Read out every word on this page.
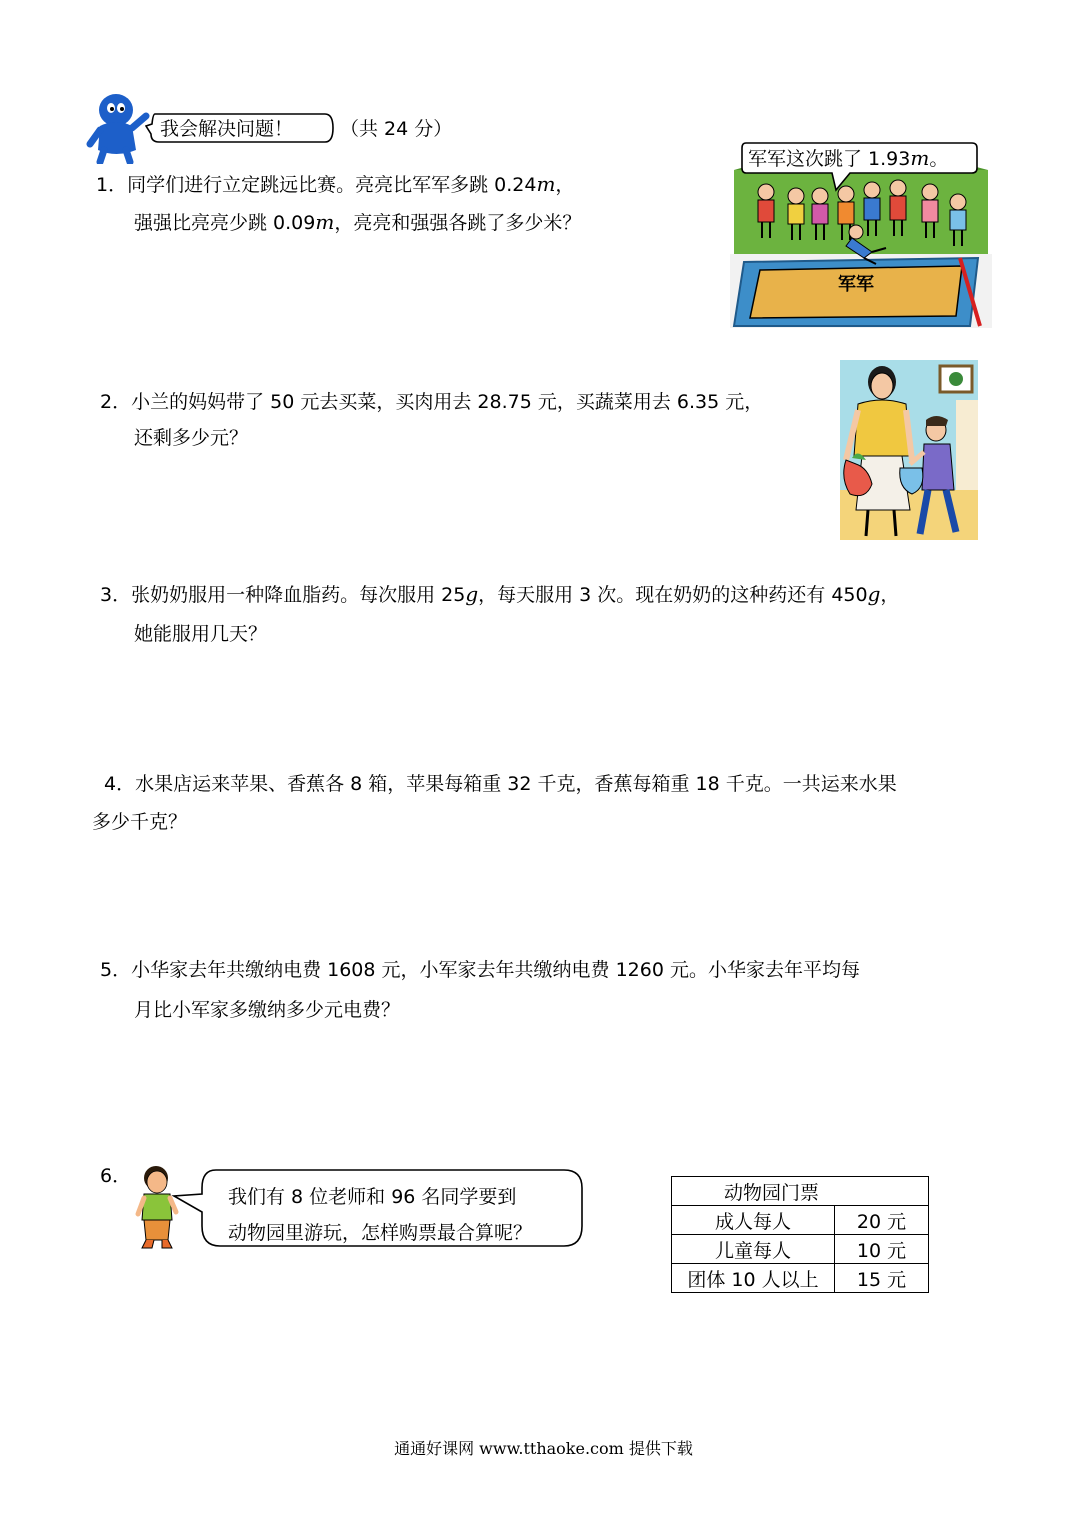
我会解决问题！ （共 24 分）
1．同学们进行立定跳远比赛。亮亮比军军多跳 0.24m，
强强比亮亮少跳 0.09m，亮亮和强强各跳了多少米？
军军这次跳了 1.93m。
军军
2．小兰的妈妈带了 50 元去买菜，买肉用去 28.75 元，买蔬菜用去 6.35 元，
还剩多少元？
3．张奶奶服用一种降血脂药。每次服用 25g，每天服用 3 次。现在奶奶的这种药还有 450g，
她能服用几天？
4．水果店运来苹果、香蕉各 8 箱，苹果每箱重 32 千克，香蕉每箱重 18 千克。一共运来水果
多少千克？
5．小华家去年共缴纳电费 1608 元，小军家去年共缴纳电费 1260 元。小华家去年平均每
月比小军家多缴纳多少元电费？
6．
我们有 8 位老师和 96 名同学要到
动物园里游玩，怎样购票最合算呢？
动物园门票	
成人每人	20 元
儿童每人	10 元
团体 10 人以上	15 元
通通好课网 www.tthaoke.com 提供下载
